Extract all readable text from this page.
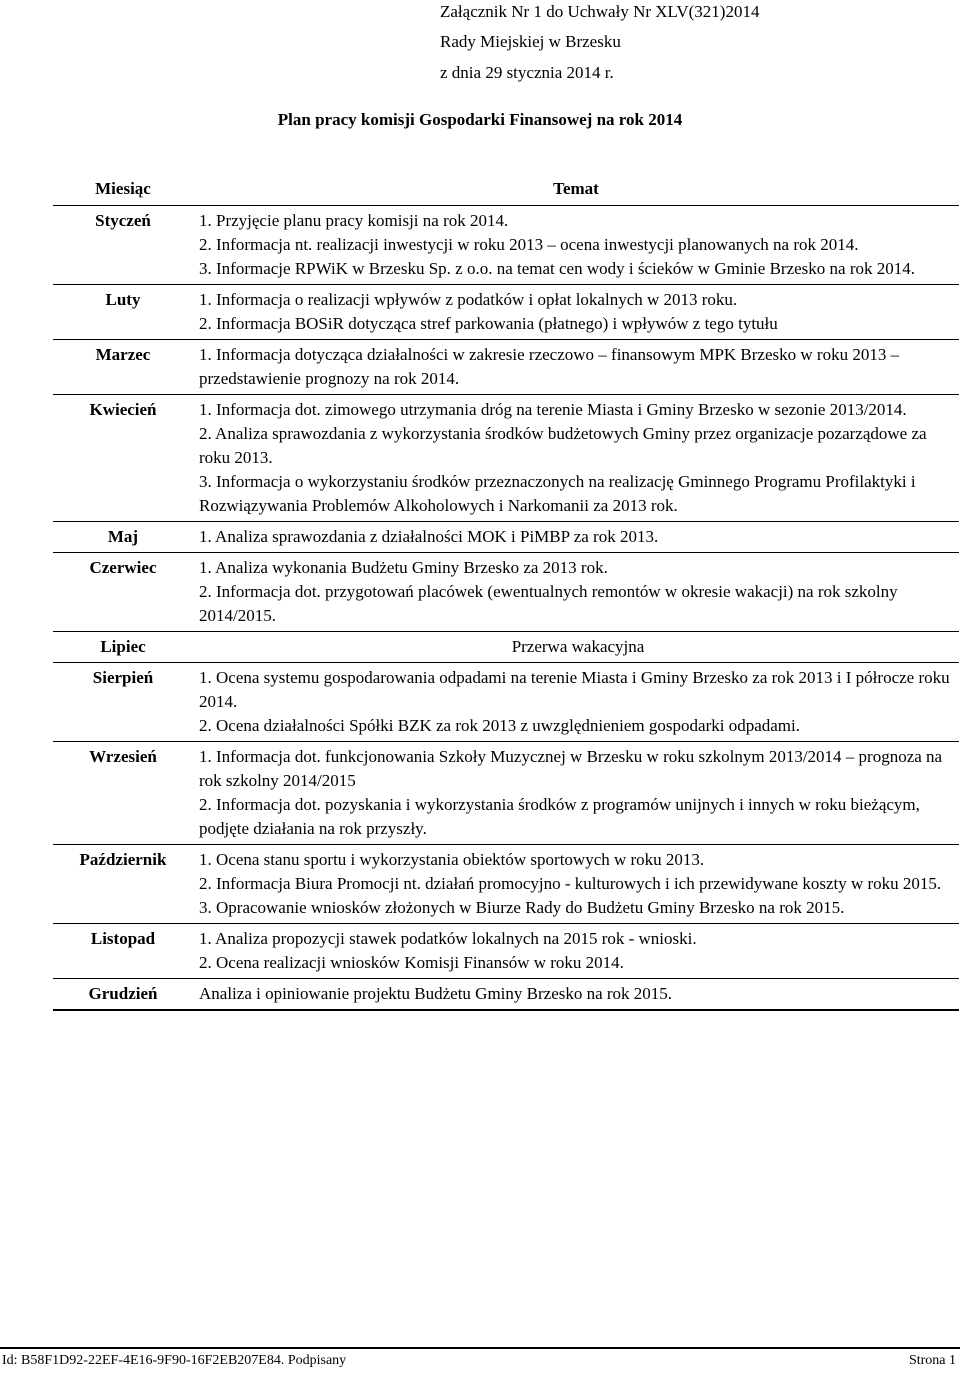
Załącznik Nr 1 do Uchwały Nr XLV(321)2014
Rady Miejskiej w Brzesku
z dnia 29 stycznia 2014 r.
Plan pracy komisji Gospodarki Finansowej na rok 2014
Miesiąc	Temat
Styczeń	1. Przyjęcie planu pracy komisji na rok 2014.
2. Informacja nt. realizacji inwestycji w roku 2013 – ocena inwestycji planowanych na rok 2014.
3. Informacje RPWiK w Brzesku Sp. z o.o. na temat cen wody i ścieków w Gminie Brzesko na rok 2014.

Luty	1. Informacja o realizacji wpływów z podatków i opłat lokalnych w 2013 roku.
2. Informacja BOSiR dotycząca stref parkowania (płatnego) i wpływów z tego tytułu

Marzec	1. Informacja dotycząca działalności w zakresie rzeczowo – finansowym MPK Brzesko w roku 2013 – przedstawienie prognozy na rok 2014.

Kwiecień	1. Informacja dot. zimowego utrzymania dróg na terenie Miasta i Gminy Brzesko w sezonie 2013/2014.
2. Analiza sprawozdania z wykorzystania środków budżetowych Gminy przez organizacje pozarządowe za roku 2013.
3. Informacja o wykorzystaniu środków przeznaczonych na realizację Gminnego Programu Profilaktyki i Rozwiązywania Problemów Alkoholowych i Narkomanii za 2013 rok.

Maj	1. Analiza sprawozdania z działalności MOK i PiMBP za rok 2013.

Czerwiec	1. Analiza wykonania Budżetu Gminy Brzesko za 2013 rok.
2. Informacja dot. przygotowań placówek (ewentualnych remontów w okresie wakacji) na rok szkolny 2014/2015.

Lipiec	Przerwa wakacyjna

Sierpień	1. Ocena systemu gospodarowania odpadami na terenie Miasta i Gminy Brzesko za rok 2013 i I półrocze roku 2014.
2. Ocena działalności Spółki BZK za rok 2013 z uwzględnieniem gospodarki odpadami.

Wrzesień	1. Informacja dot. funkcjonowania Szkoły Muzycznej w Brzesku w roku szkolnym 2013/2014 – prognoza na rok szkolny 2014/2015
2. Informacja dot. pozyskania i wykorzystania środków z programów unijnych i innych w roku bieżącym, podjęte działania na rok przyszły.

Październik	1. Ocena stanu sportu i wykorzystania obiektów sportowych w roku 2013.
2. Informacja Biura Promocji nt. działań promocyjno - kulturowych i ich przewidywane koszty w roku 2015.
3. Opracowanie wniosków złożonych w Biurze Rady do Budżetu Gminy Brzesko na rok 2015.

Listopad	1. Analiza propozycji stawek podatków lokalnych na 2015 rok - wnioski.
2. Ocena realizacji wniosków Komisji Finansów w roku 2014.

Grudzień	Analiza i opiniowanie projektu Budżetu Gminy Brzesko na rok 2015.
Id: B58F1D92-22EF-4E16-9F90-16F2EB207E84. Podpisany	Strona 1
